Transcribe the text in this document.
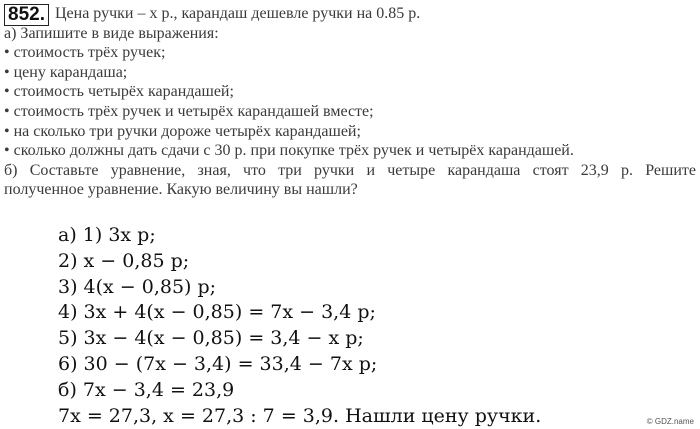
852. Цена ручки – x р., карандаш дешевле ручки на 0.85 р.
а) Запишите в виде выражения:
• стоимость трёх ручек;
• цену карандаша;
• стоимость четырёх карандашей;
• стоимость трёх ручек и четырёх карандашей вместе;
• на сколько три ручки дороже четырёх карандашей;
• сколько должны дать сдачи с 30 р. при покупке трёх ручек и четырёх карандашей.
б) Составьте уравнение, зная, что три ручки и четыре карандаша стоят 23,9 р. Решите
полученное уравнение. Какую величину вы нашли?
а) 1) 3x р;
2) x − 0,85 р;
3) 4(x − 0,85) р;
4) 3x + 4(x − 0,85) = 7x − 3,4 р;
5) 3x − 4(x − 0,85) = 3,4 − x р;
6) 30 − (7x − 3,4) = 33,4 − 7x р;
б) 7x − 3,4 = 23,9
7x = 27,3, x = 27,3 : 7 = 3,9. Нашли цену ручки.	© GDZ.name
